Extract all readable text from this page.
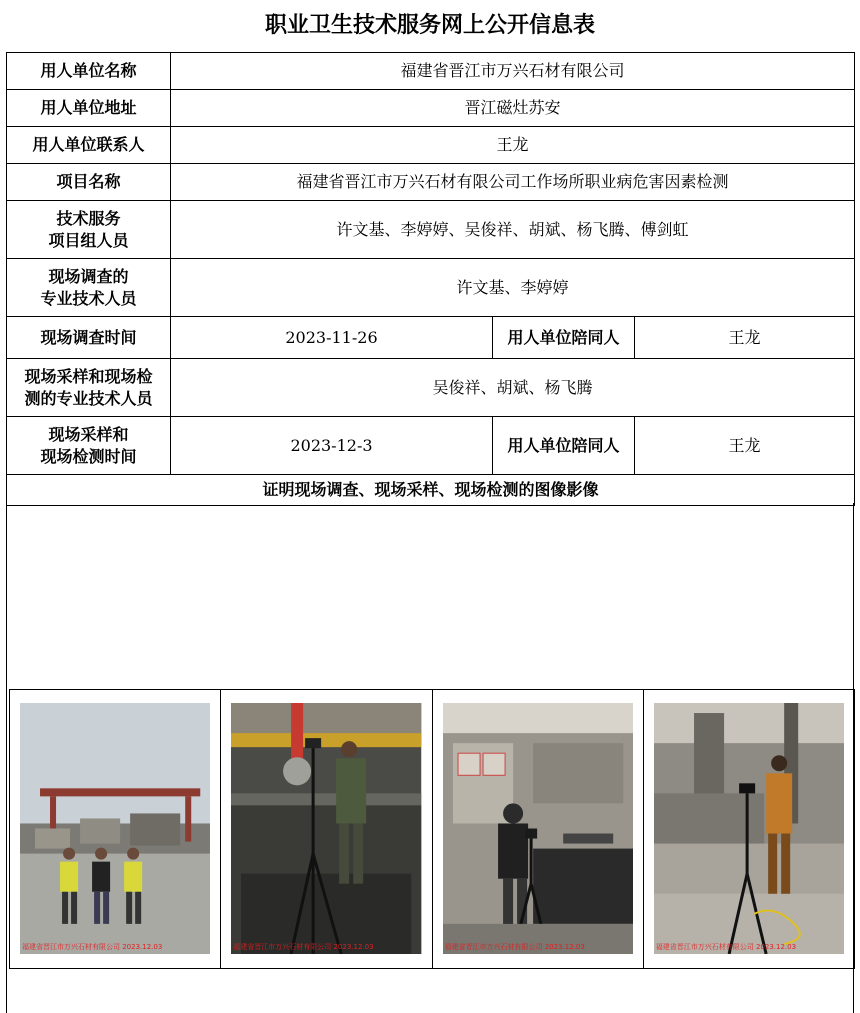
职业卫生技术服务网上公开信息表
用人单位名称	福建省晋江市万兴石材有限公司		
用人单位地址	晋江磁灶苏安		
用人单位联系人	王龙		
项目名称	福建省晋江市万兴石材有限公司工作场所职业病危害因素检测		

技术服务
项目组人员	许文基、李婷婷、吴俊祥、胡斌、杨飞腾、傅剑虹		

现场调查的
专业技术人员	许文基、李婷婷		
现场调查时间	2023-11-26	用人单位陪同人	王龙

现场采样和现场检
测的专业技术人员	吴俊祥、胡斌、杨飞腾		

现场采样和
现场检测时间	2023-12-3	用人单位陪同人	王龙
证明现场调查、现场采样、现场检测的图像影像			
福建省晋江市万兴石材有限公司 2023.12.03	福建省晋江市万兴石材有限公司 2023.12.03	福建省晋江市万兴石材有限公司 2023.12.03	福建省晋江市万兴石材有限公司 2023.12.03
